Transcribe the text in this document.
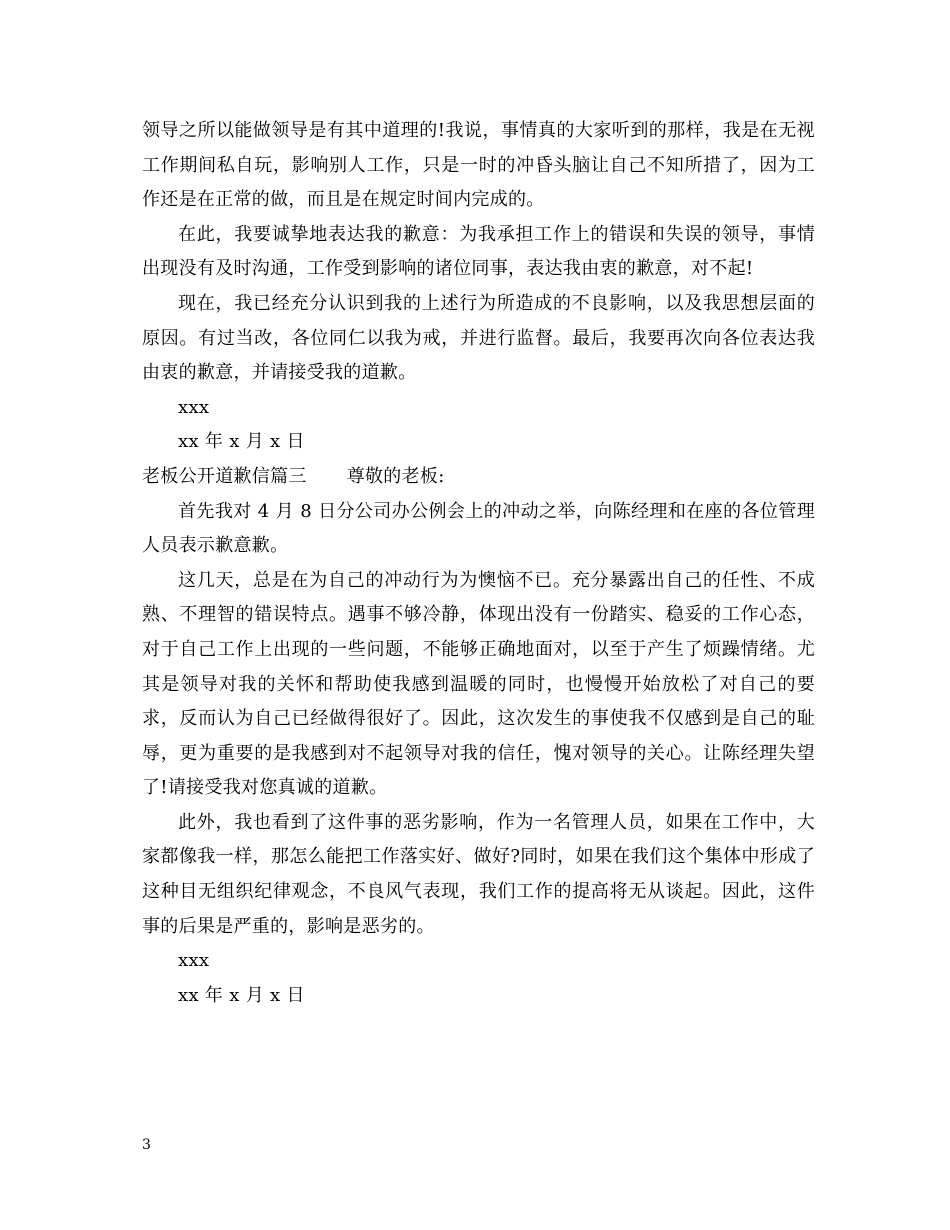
领导之所以能做领导是有其中道理的!我说，事情真的大家听到的那样，我是在无视工作期间私自玩，影响别人工作，只是一时的冲昏头脑让自己不知所措了，因为工作还是在正常的做，而且是在规定时间内完成的。

在此，我要诚挚地表达我的歉意：为我承担工作上的错误和失误的领导，事情出现没有及时沟通，工作受到影响的诸位同事，表达我由衷的歉意，对不起!

现在，我已经充分认识到我的上述行为所造成的不良影响，以及我思想层面的原因。有过当改，各位同仁以我为戒，并进行监督。最后，我要再次向各位表达我由衷的歉意，并请接受我的道歉。

xxx

xx 年 x 月 x 日

老板公开道歉信篇三 尊敬的老板:

首先我对 4 月 8 日分公司办公例会上的冲动之举，向陈经理和在座的各位管理人员表示歉意歉。

这几天，总是在为自己的冲动行为为懊恼不已。充分暴露出自己的任性、不成熟、不理智的错误特点。遇事不够冷静，体现出没有一份踏实、稳妥的工作心态，对于自己工作上出现的一些问题，不能够正确地面对，以至于产生了烦躁情绪。尤其是领导对我的关怀和帮助使我感到温暖的同时，也慢慢开始放松了对自己的要求，反而认为自己已经做得很好了。因此，这次发生的事使我不仅感到是自己的耻辱，更为重要的是我感到对不起领导对我的信任，愧对领导的关心。让陈经理失望了!请接受我对您真诚的道歉。

此外，我也看到了这件事的恶劣影响，作为一名管理人员，如果在工作中，大家都像我一样，那怎么能把工作落实好、做好?同时，如果在我们这个集体中形成了这种目无组织纪律观念，不良风气表现，我们工作的提高将无从谈起。因此，这件事的后果是严重的，影响是恶劣的。

xxx

xx 年 x 月 x 日

3
